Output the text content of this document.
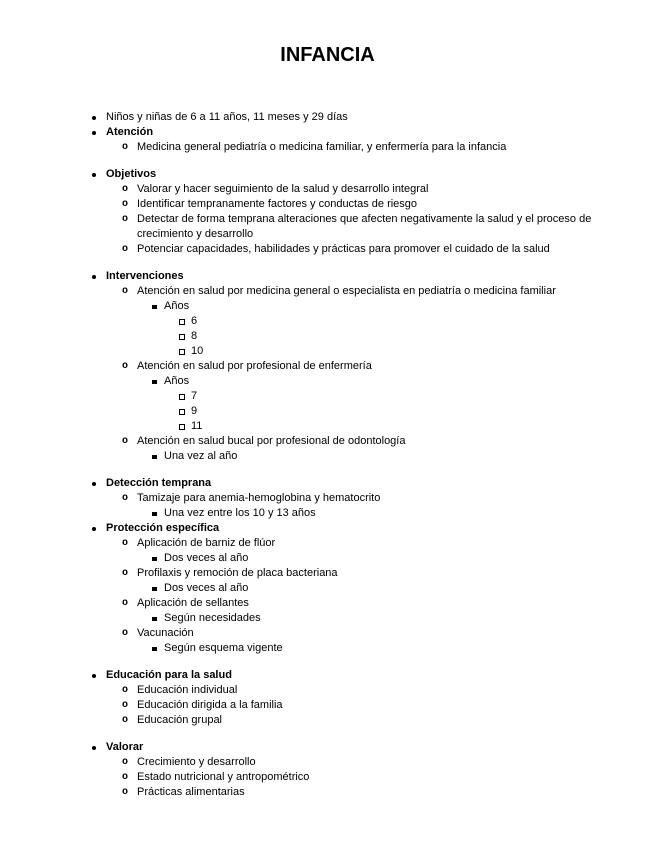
INFANCIA
Niños y niñas de 6 a 11 años, 11 meses y 29 días
Atención
o
Medicina general pediatría o medicina familiar, y enfermería para la infancia
Objetivos
o
Valorar y hacer seguimiento de la salud y desarrollo integral
o
Identificar tempranamente factores y conductas de riesgo
o
Detectar de forma temprana alteraciones que afecten negativamente la salud y el proceso de crecimiento y desarrollo
o
Potenciar capacidades, habilidades y prácticas para promover el cuidado de la salud
Intervenciones
o
Atención en salud por medicina general o especialista en pediatría o medicina familiar
Años
6
8
10
o
Atención en salud por profesional de enfermería
Años
7
9
11
o
Atención en salud bucal por profesional de odontología
Una vez al año
Detección temprana
o
Tamizaje para anemia-hemoglobina y hematocrito
Una vez entre los 10 y 13 años
Protección específica
o
Aplicación de barniz de flúor
Dos veces al año
o
Profilaxis y remoción de placa bacteriana
Dos veces al año
o
Aplicación de sellantes
Según necesidades
o
Vacunación
Según esquema vigente
Educación para la salud
o
Educación individual
o
Educación dirigida a la familia
o
Educación grupal
Valorar
o
Crecimiento y desarrollo
o
Estado nutricional y antropométrico
o
Prácticas alimentarias
